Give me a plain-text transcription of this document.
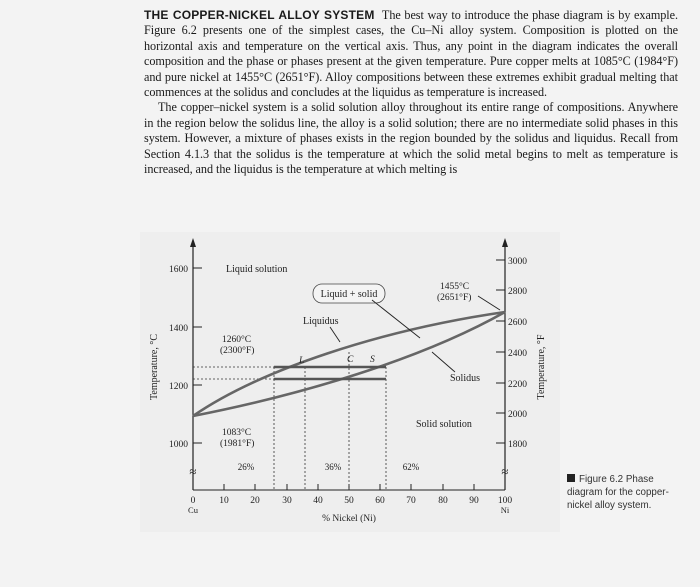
THE COPPER-NICKEL ALLOY SYSTEM The best way to introduce the phase diagram is by example. Figure 6.2 presents one of the simplest cases, the Cu–Ni alloy system. Composition is plotted on the horizontal axis and temperature on the vertical axis. Thus, any point in the diagram indicates the overall composition and the phase or phases present at the given temperature. Pure copper melts at 1085°C (1984°F) and pure nickel at 1455°C (2651°F). Alloy compositions between these extremes exhibit gradual melting that commences at the solidus and concludes at the liquidus as temperature is increased.

The copper–nickel system is a solid solution alloy throughout its entire range of compositions. Anywhere in the region below the solidus line, the alloy is a solid solution; there are no intermediate solid phases in this system. However, a mixture of phases exists in the region bounded by the solidus and liquidus. Recall from Section 4.1.3 that the solidus is the temperature at which the solid metal begins to melt as temperature is increased, and the liquidus is the temperature at which melting is

≈	≈
1600
1400
1200
1000
3000
2800
2600
2400
2200
2000
1800
Temperature, °C	Temperature, °F
0	10 20 30 40 50 60 70 80 90 100
Cu	Ni
% Nickel (Ni)
Liquid solution
Liquid + solid
Solid solution
Liquidus
Solidus
1455°C
(2651°F)
1260°C
(2300°F)
1083°C
(1981°F)
L	C S
26%	36%	62%
Figure 6.2 Phase diagram for the copper-nickel alloy system.
